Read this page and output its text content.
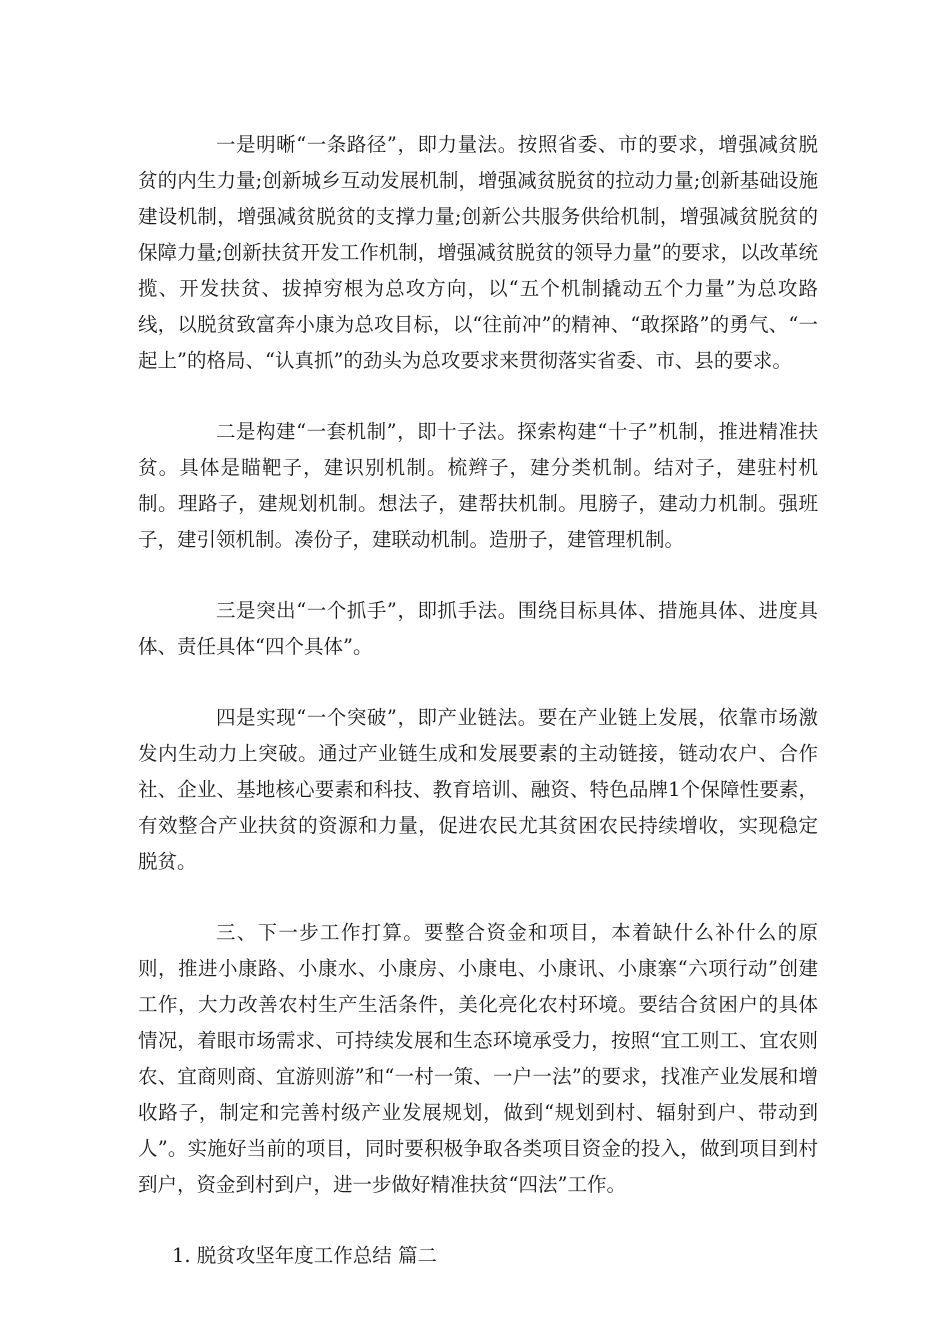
一是明晰“一条路径”，即力量法。按照省委、市的要求，增强减贫脱贫的内生力量;创新城乡互动发展机制，增强减贫脱贫的拉动力量;创新基础设施建设机制，增强减贫脱贫的支撑力量;创新公共服务供给机制，增强减贫脱贫的保障力量;创新扶贫开发工作机制，增强减贫脱贫的领导力量”的要求，以改革统揽、开发扶贫、拔掉穷根为总攻方向，以“五个机制撬动五个力量”为总攻路线，以脱贫致富奔小康为总攻目标，以“往前冲”的精神、“敢探路”的勇气、“一起上”的格局、“认真抓”的劲头为总攻要求来贯彻落实省委、市、县的要求。

二是构建“一套机制”，即十子法。探索构建“十子”机制，推进精准扶贫。具体是瞄靶子，建识别机制。梳辫子，建分类机制。结对子，建驻村机制。理路子，建规划机制。想法子，建帮扶机制。甩膀子，建动力机制。强班子，建引领机制。凑份子，建联动机制。造册子，建管理机制。

三是突出“一个抓手”，即抓手法。围绕目标具体、措施具体、进度具体、责任具体“四个具体”。

四是实现“一个突破”，即产业链法。要在产业链上发展，依靠市场激发内生动力上突破。通过产业链生成和发展要素的主动链接，链动农户、合作社、企业、基地核心要素和科技、教育培训、融资、特色品牌1个保障性要素，有效整合产业扶贫的资源和力量，促进农民尤其贫困农民持续增收，实现稳定脱贫。

三、下一步工作打算。要整合资金和项目，本着缺什么补什么的原则，推进小康路、小康水、小康房、小康电、小康讯、小康寨“六项行动”创建工作，大力改善农村生产生活条件，美化亮化农村环境。要结合贫困户的具体情况，着眼市场需求、可持续发展和生态环境承受力，按照“宜工则工、宜农则农、宜商则商、宜游则游”和“一村一策、一户一法”的要求，找准产业发展和增收路子，制定和完善村级产业发展规划，做到“规划到村、辐射到户、带动到人”。实施好当前的项目，同时要积极争取各类项目资金的投入，做到项目到村到户，资金到村到户，进一步做好精准扶贫“四法”工作。

1. 脱贫攻坚年度工作总结 篇二
